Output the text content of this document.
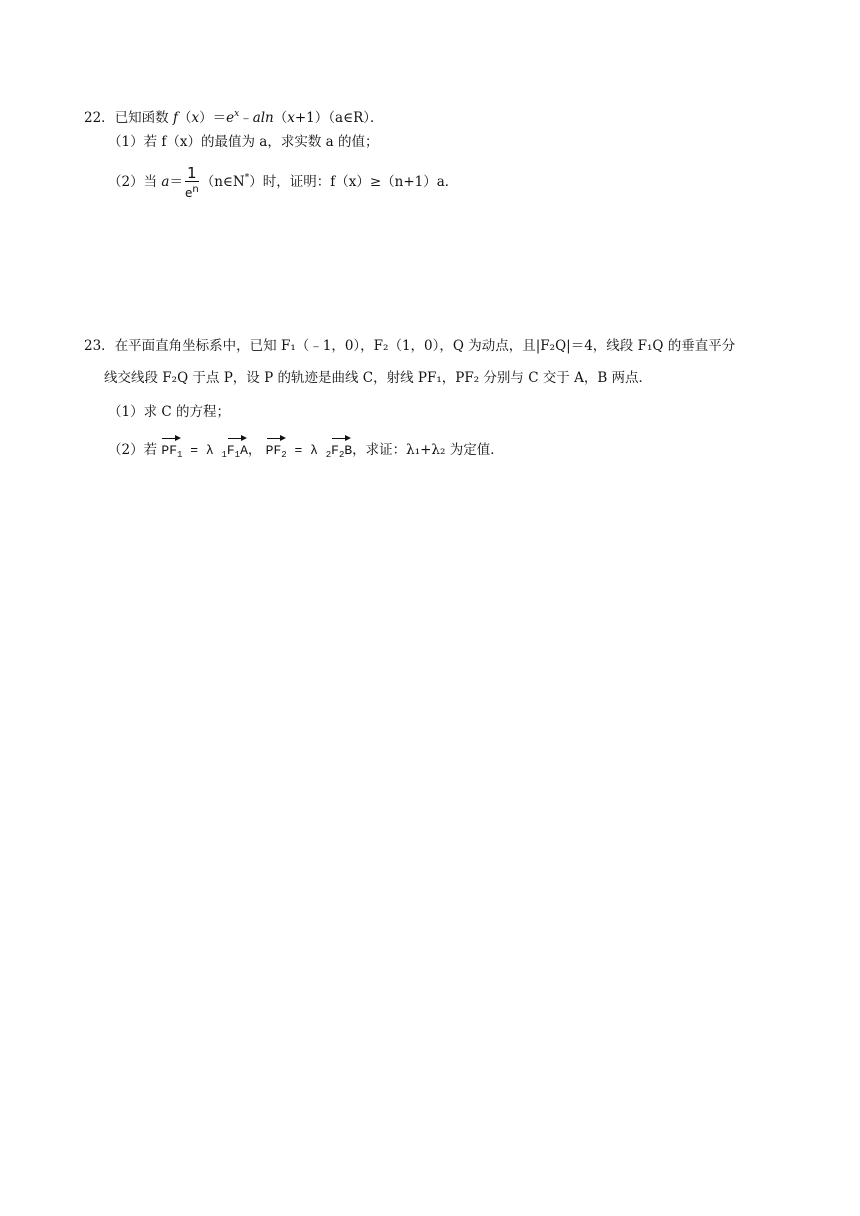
22．已知函数 $f(x)=e^x﹣aln(x+1)(a\in R)$．
（1）若 f（x）的最值为 a，求实数 a 的值；
（2）当 $a= \frac{1}{e^n}$ （n∈N*）时，证明：f（x）≥（n+1）a．
23．在平面直角坐标系中，已知 F₁（﹣1，0），F₂（1，0），Q 为动点，且|F₂Q|＝4，线段 F₁Q 的垂直平分
线交线段 F₂Q 于点 P，设 P 的轨迹是曲线 C，射线 PF₁，PF₂ 分别与 C 交于 A，B 两点．
（1）求 C 的方程；
（2）若 $PF_1 = \lambda$ $_1F_1A$， $PF_2 = \lambda$ $_2F_2B$，求证：λ₁+λ₂ 为定值．
